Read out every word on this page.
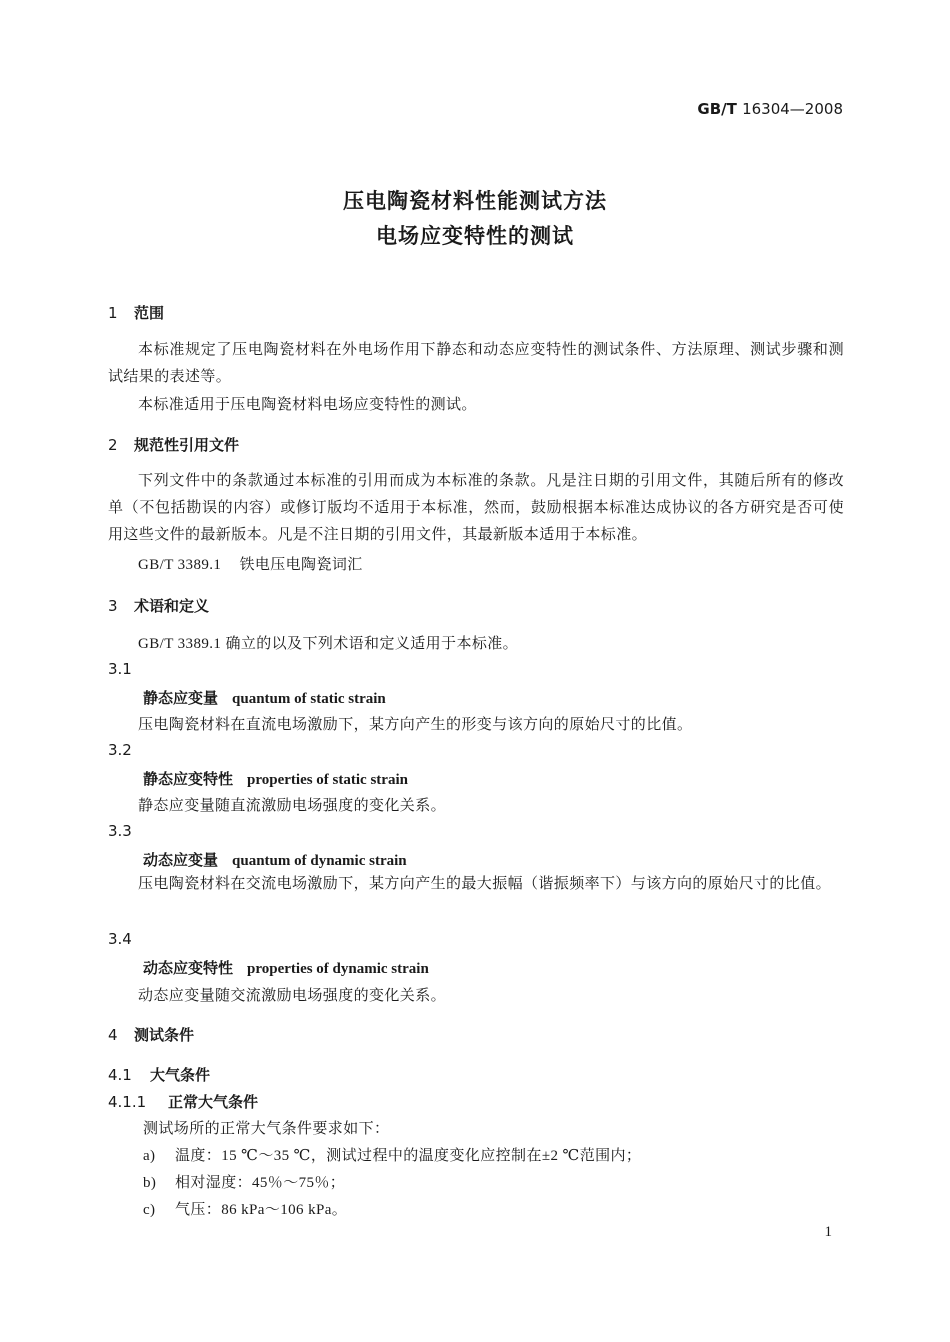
GB/T 16304—2008
压电陶瓷材料性能测试方法
电场应变特性的测试
1 范围
本标准规定了压电陶瓷材料在外电场作用下静态和动态应变特性的测试条件、方法原理、测试步骤和测试结果的表述等。
本标准适用于压电陶瓷材料电场应变特性的测试。
2 规范性引用文件
下列文件中的条款通过本标准的引用而成为本标准的条款。凡是注日期的引用文件，其随后所有的修改单（不包括勘误的内容）或修订版均不适用于本标准，然而，鼓励根据本标准达成协议的各方研究是否可使用这些文件的最新版本。凡是不注日期的引用文件，其最新版本适用于本标准。
GB/T 3389.1 铁电压电陶瓷词汇
3 术语和定义
GB/T 3389.1 确立的以及下列术语和定义适用于本标准。
3.1
静态应变量 quantum of static strain
压电陶瓷材料在直流电场激励下，某方向产生的形变与该方向的原始尺寸的比值。
3.2
静态应变特性 properties of static strain
静态应变量随直流激励电场强度的变化关系。
3.3
动态应变量 quantum of dynamic strain
压电陶瓷材料在交流电场激励下，某方向产生的最大振幅（谐振频率下）与该方向的原始尺寸的比值。
3.4
动态应变特性 properties of dynamic strain
动态应变量随交流激励电场强度的变化关系。
4 测试条件
4.1 大气条件
4.1.1 正常大气条件
测试场所的正常大气条件要求如下：
a) 温度：15 ℃～35 ℃，测试过程中的温度变化应控制在±2 ℃范围内；
b) 相对湿度：45％～75％；
c) 气压：86 kPa～106 kPa。
1
